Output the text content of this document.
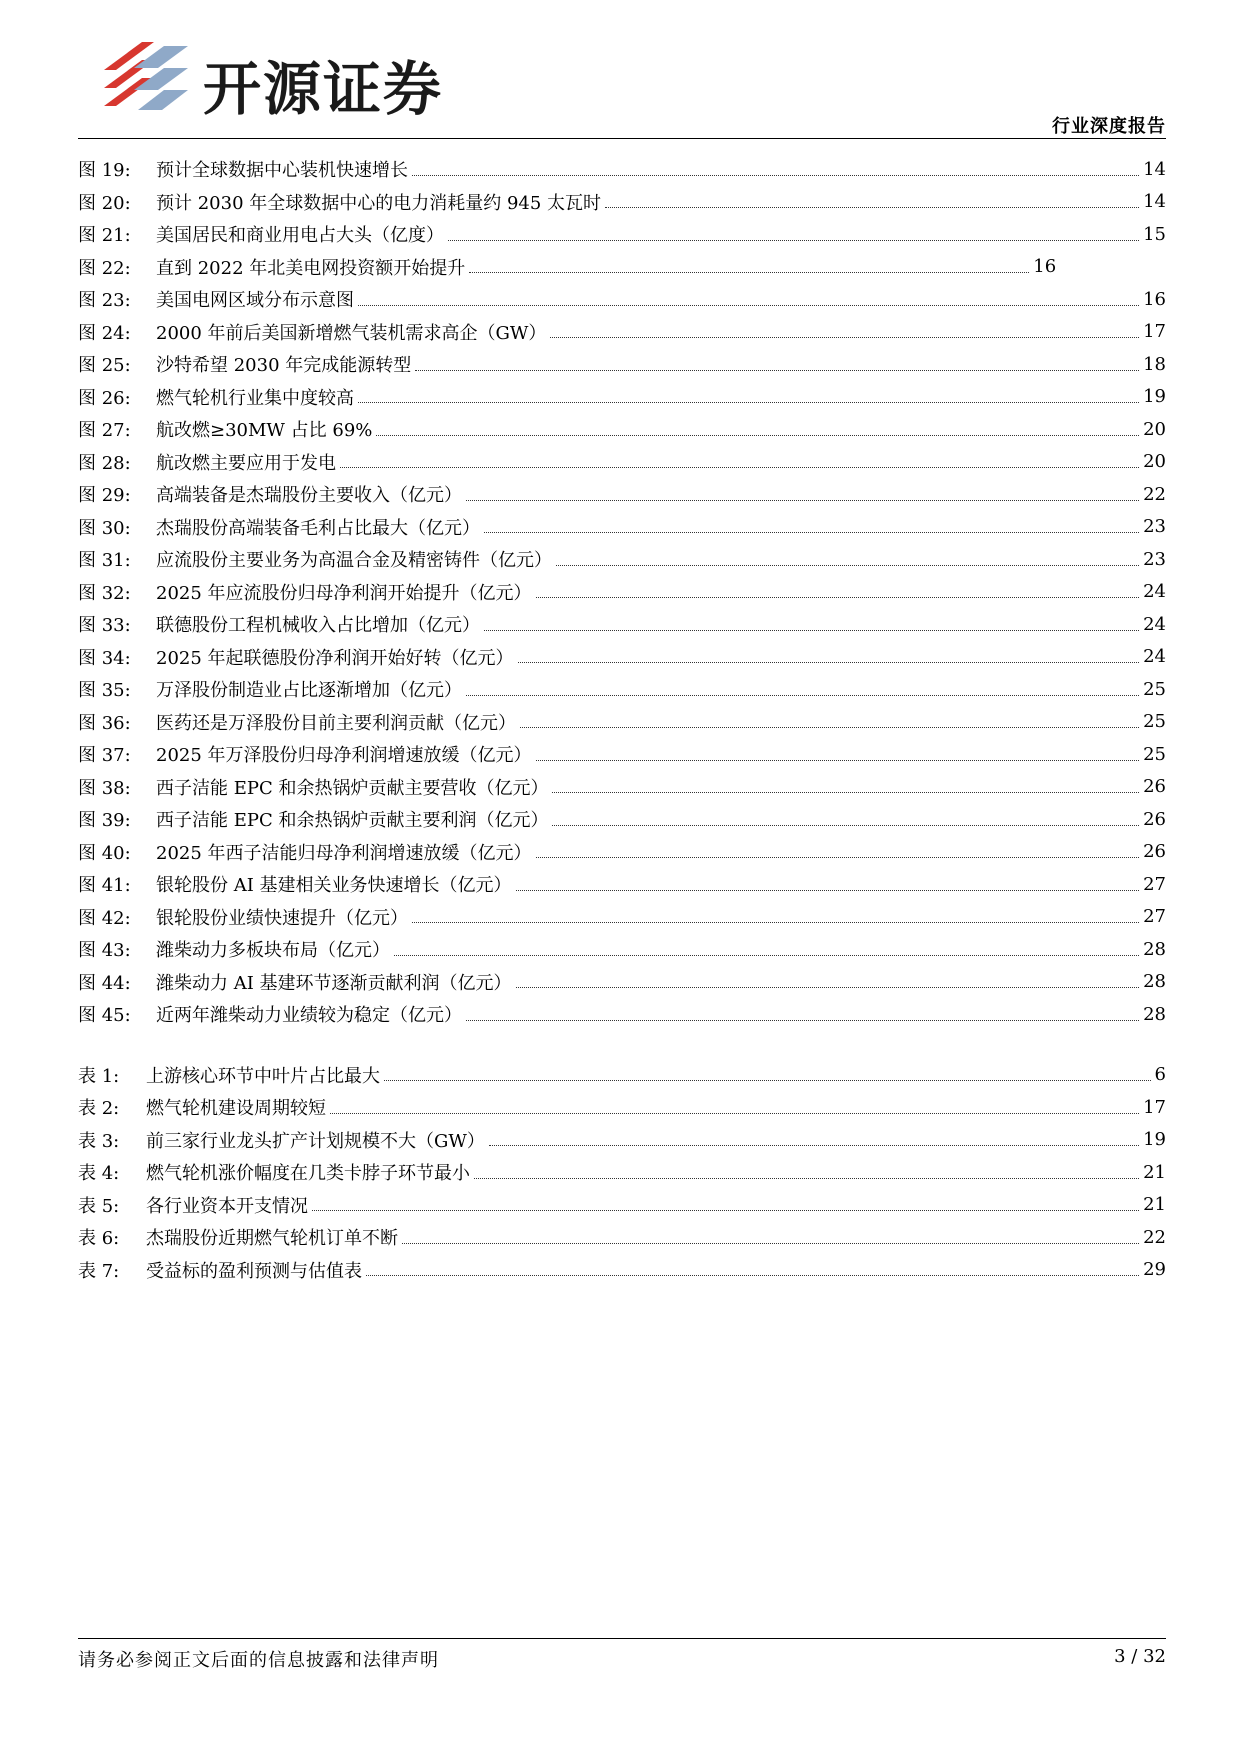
开源证券
行业深度报告
图 19:	预计全球数据中心装机快速增长	14
图 20:	预计 2030 年全球数据中心的电力消耗量约 945 太瓦时	14
图 21:	美国居民和商业用电占大头（亿度）	15
图 22:	直到 2022 年北美电网投资额开始提升	16
图 23:	美国电网区域分布示意图	16
图 24:	2000 年前后美国新增燃气装机需求高企（GW）	17
图 25:	沙特希望 2030 年完成能源转型	18
图 26:	燃气轮机行业集中度较高	19
图 27:	航改燃≥30MW 占比 69%	20
图 28:	航改燃主要应用于发电	20
图 29:	高端装备是杰瑞股份主要收入（亿元）	22
图 30:	杰瑞股份高端装备毛利占比最大（亿元）	23
图 31:	应流股份主要业务为高温合金及精密铸件（亿元）	23
图 32:	2025 年应流股份归母净利润开始提升（亿元）	24
图 33:	联德股份工程机械收入占比增加（亿元）	24
图 34:	2025 年起联德股份净利润开始好转（亿元）	24
图 35:	万泽股份制造业占比逐渐增加（亿元）	25
图 36:	医药还是万泽股份目前主要利润贡献（亿元）	25
图 37:	2025 年万泽股份归母净利润增速放缓（亿元）	25
图 38:	西子洁能 EPC 和余热锅炉贡献主要营收（亿元）	26
图 39:	西子洁能 EPC 和余热锅炉贡献主要利润（亿元）	26
图 40:	2025 年西子洁能归母净利润增速放缓（亿元）	26
图 41:	银轮股份 AI 基建相关业务快速增长（亿元）	27
图 42:	银轮股份业绩快速提升（亿元）	27
图 43:	潍柴动力多板块布局（亿元）	28
图 44:	潍柴动力 AI 基建环节逐渐贡献利润（亿元）	28
图 45:	近两年潍柴动力业绩较为稳定（亿元）	28
表 1:	上游核心环节中叶片占比最大	6
表 2:	燃气轮机建设周期较短	17
表 3:	前三家行业龙头扩产计划规模不大（GW）	19
表 4:	燃气轮机涨价幅度在几类卡脖子环节最小	21
表 5:	各行业资本开支情况	21
表 6:	杰瑞股份近期燃气轮机订单不断	22
表 7:	受益标的盈利预测与估值表	29
请务必参阅正文后面的信息披露和法律声明	3 / 32
